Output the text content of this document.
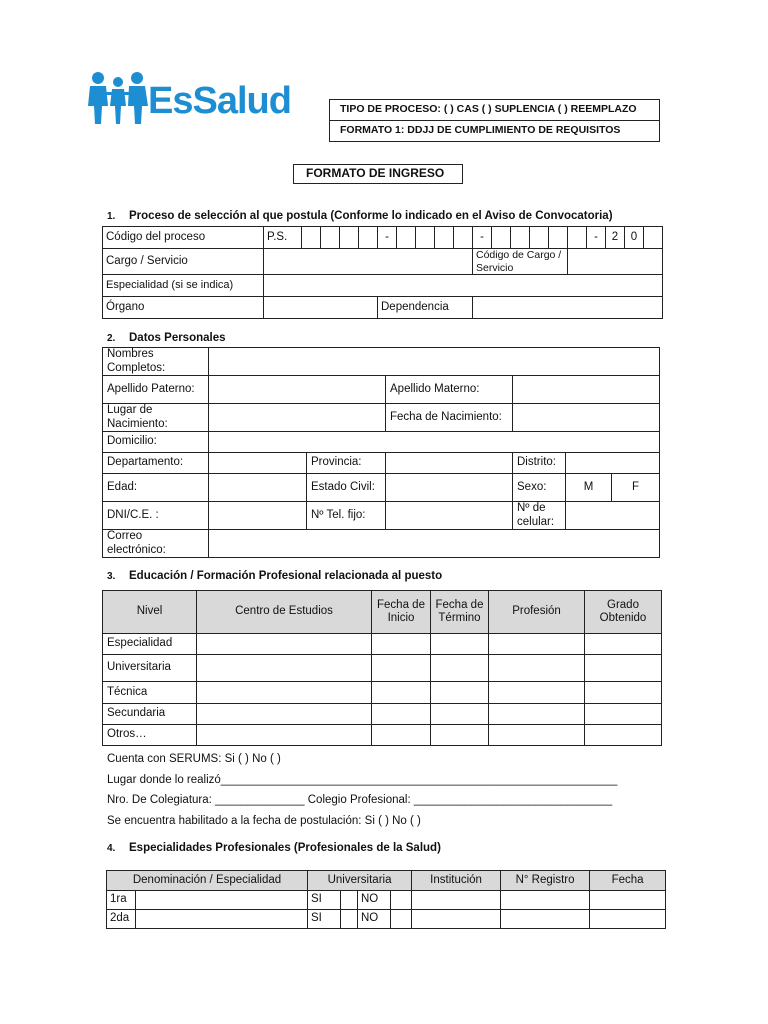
EsSalud	TIPO DE PROCESO: ( ) CAS ( ) SUPLENCIA ( ) REEMPLAZO
FORMATO 1: DDJJ DE CUMPLIMIENTO DE REQUISITOS
FORMATO DE INGRESO
1. Proceso de selección al que postula (Conforme lo indicado en el Aviso de Convocatoria)
Código del proceso	P.S.					-					-						-	2	0	
Cargo / Servicio											Código de Cargo / Servicio									
Especialidad (si se indica)																				
Órgano						Dependencia														
2. Datos Personales
Nombres Completos:						
Apellido Paterno:			Apellido Materno:			
Lugar de Nacimiento:			Fecha de Nacimiento:			
Domicilio:						
Departamento:		Provincia:		Distrito:		
Edad:		Estado Civil:		Sexo:	M	F
DNI/C.E. :		Nº Tel. fijo:		Nº de celular:		
Correo electrónico:						
3. Educación / Formación Profesional relacionada al puesto
Nivel	Centro de Estudios	Fecha de Inicio	Fecha de Término	Profesión	Grado Obtenido
Especialidad					
Universitaria					
Técnica					
Secundaria					
Otros…					
Cuenta con SERUMS: Si ( ) No ( )
Lugar donde lo realizó______________________________________________________________
Nro. De Colegiatura: ______________ Colegio Profesional: _______________________________
Se encuentra habilitado a la fecha de postulación: Si ( ) No ( )
4. Especialidades Profesionales (Profesionales de la Salud)
Denominación / Especialidad		Universitaria				Institución	N° Registro	Fecha
1ra		SI		NO				
2da		SI		NO				
